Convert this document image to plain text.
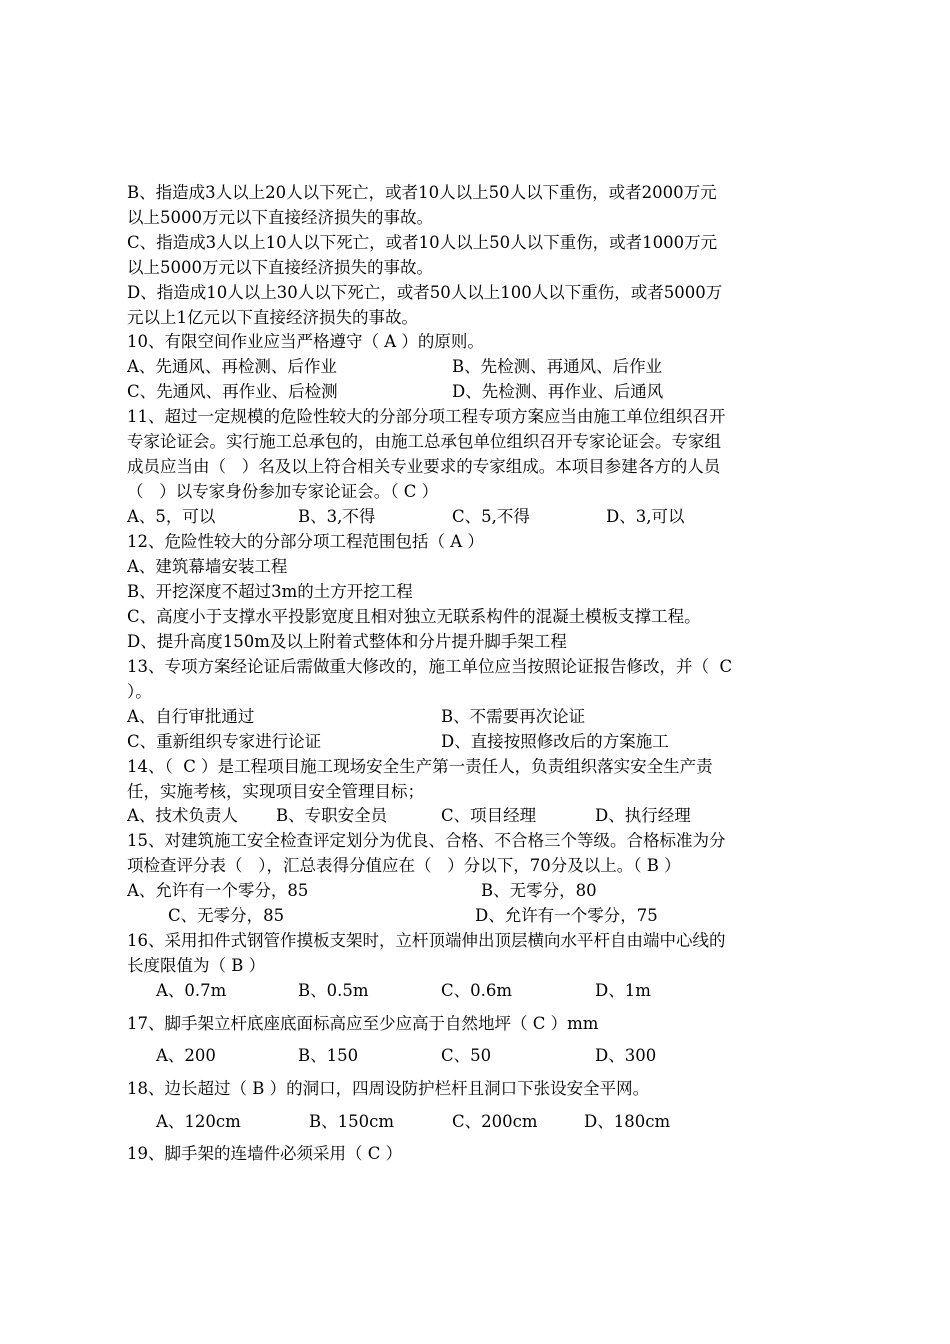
B、指造成3人以上20人以下死亡，或者10人以上50人以下重伤，或者2000万元
以上5000万元以下直接经济损失的事故。
C、指造成3人以上10人以下死亡，或者10人以上50人以下重伤，或者1000万元
以上5000万元以下直接经济损失的事故。
D、指造成10人以上30人以下死亡，或者50人以上100人以下重伤，或者5000万
元以上1亿元以下直接经济损失的事故。
10、有限空间作业应当严格遵守（ A ）的原则。
A、先通风、再检测、后作业	B、先检测、再通风、后作业
C、先通风、再作业、后检测	D、先检测、再作业、后通风
11、超过一定规模的危险性较大的分部分项工程专项方案应当由施工单位组织召开
专家论证会。实行施工总承包的，由施工总承包单位组织召开专家论证会。专家组
成员应当由（   ）名及以上符合相关专业要求的专家组成。本项目参建各方的人员
（   ）以专家身份参加专家论证会。（ C ）
A、5，可以	B、3,不得	C、5,不得	D、3,可以
12、危险性较大的分部分项工程范围包括（ A ）
A、建筑幕墙安装工程
B、开挖深度不超过3m的土方开挖工程
C、高度小于支撑水平投影宽度且相对独立无联系构件的混凝土模板支撑工程。
D、提升高度150m及以上附着式整体和分片提升脚手架工程
13、专项方案经论证后需做重大修改的，施工单位应当按照论证报告修改，并（  C
）。
A、自行审批通过	B、不需要再次论证
C、重新组织专家进行论证	D、直接按照修改后的方案施工
14、（  C ）是工程项目施工现场安全生产第一责任人，负责组织落实安全生产责
任，实施考核，实现项目安全管理目标；
A、技术负责人 B、专职安全员	C、项目经理	D、执行经理
15、对建筑施工安全检查评定划分为优良、合格、不合格三个等级。合格标准为分
项检查评分表（   ），汇总表得分值应在（   ）分以下，70分及以上。（ B ）
A、允许有一个零分，85	B、无零分，80
C、无零分，85	D、允许有一个零分，75
16、采用扣件式钢管作摸板支架时，立杆顶端伸出顶层横向水平杆自由端中心线的
长度限值为（ B ）
A、0.7m	B、0.5m	C、0.6m	D、1m
17、脚手架立杆底座底面标高应至少应高于自然地坪（ C ）mm
A、200	B、150	C、50	D、300
18、边长超过（ B ）的洞口，四周设防护栏杆且洞口下张设安全平网。
A、120cm	B、150cm	C、200cm	D、180cm
19、脚手架的连墙件必须采用（ C ）
